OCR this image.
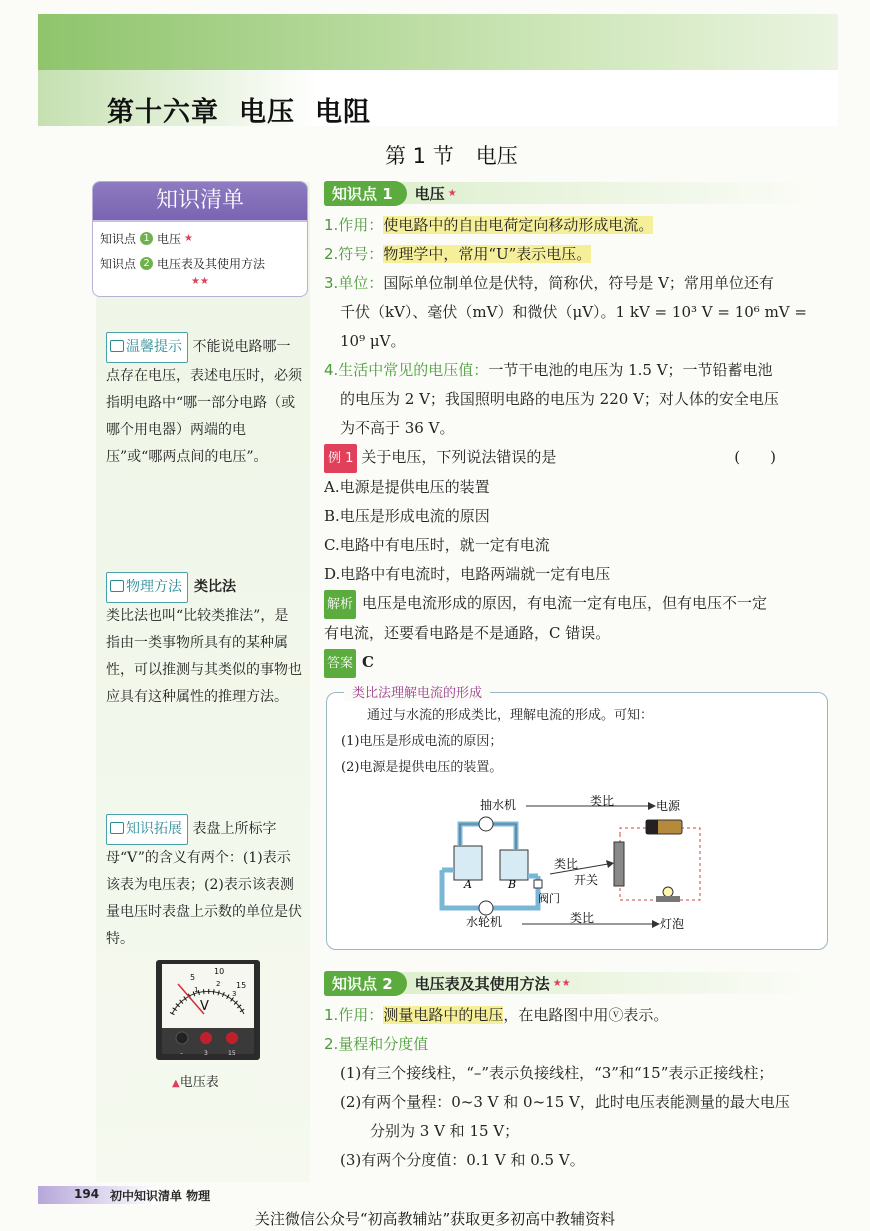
第十六章 电压 电阻
第 1 节 电压
知识清单
知识点 1 电压 ★
知识点 2 电压表及其使用方法
★★
温馨提示 不能说电路哪一点存在电压，表述电压时，必须指明电路中“哪一部分电路（或哪个用电器）两端的电压”或“哪两点间的电压”。
物理方法 类比法
类比法也叫“比较类推法”，是指由一类事物所具有的某种属性，可以推测与其类似的事物也应具有这种属性的推理方法。
知识拓展 表盘上所标字母“V”的含义有两个：(1)表示该表为电压表；(2)表示该表测量电压时表盘上示数的单位是伏特。
5
10
15
1
2
3
V
–	3	15
▲电压表
知识点 1	电压 ★
1.作用：使电路中的自由电荷定向移动形成电流。
2.符号：物理学中，常用“U”表示电压。
3.单位：国际单位制单位是伏特，简称伏，符号是 V；常用单位还有
千伏（kV）、毫伏（mV）和微伏（μV）。1 kV = 10³ V = 10⁶ mV =
10⁹ μV。
4.生活中常见的电压值：一节干电池的电压为 1.5 V；一节铅蓄电池
的电压为 2 V；我国照明电路的电压为 220 V；对人体的安全电压
为不高于 36 V。
例 1 关于电压，下列说法错误的是	(　　)
A.电源是提供电压的装置
B.电压是形成电流的原因
C.电路中有电压时，就一定有电流
D.电路中有电流时，电路两端就一定有电压
解析 电压是电流形成的原因，有电流一定有电压，但有电压不一定
有电流，还要看电路是不是通路，C 错误。
答案 C
类比法理解电流的形成
通过与水流的形成类比，理解电流的形成。可知：
(1)电压是形成电流的原因；
(2)电源是提供电压的装置。
抽水机	类比	电源
A	B
阀门
类比
开关
水轮机	类比	灯泡
知识点 2	电压表及其使用方法 ★★
1.作用：测量电路中的电压，在电路图中用ⓥ表示。
2.量程和分度值
(1)有三个接线柱，“–”表示负接线柱，“3”和“15”表示正接线柱；
(2)有两个量程：0~3 V 和 0~15 V，此时电压表能测量的最大电压
分别为 3 V 和 15 V；
(3)有两个分度值：0.1 V 和 0.5 V。
194 初中知识清单 物理
关注微信公众号“初高教辅站”获取更多初高中教辅资料
